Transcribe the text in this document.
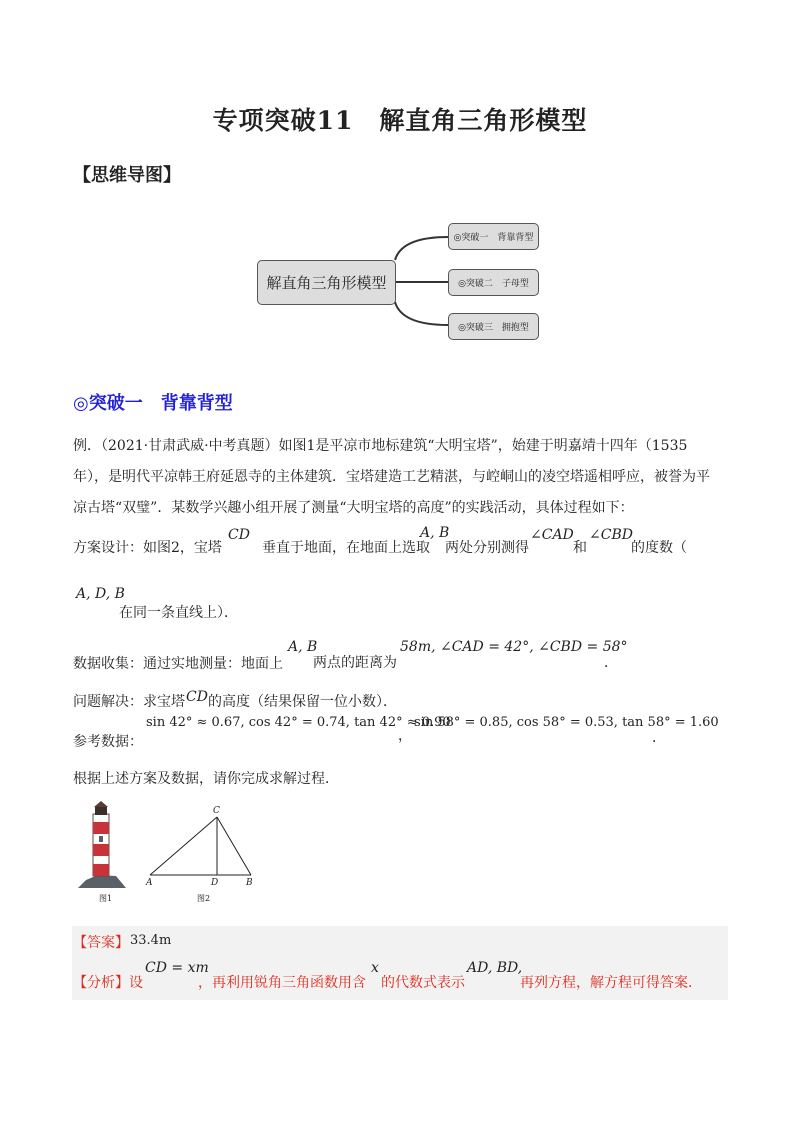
专项突破11　解直角三角形模型
【思维导图】
解直角三角形模型
◎突破一　背靠背型
◎突破二　子母型
◎突破三　拥抱型
◎突破一　背靠背型
例．（2021·甘肃武威·中考真题）如图1是平凉市地标建筑“大明宝塔”，始建于明嘉靖十四年（1535
年），是明代平凉韩王府延恩寺的主体建筑．宝塔建造工艺精湛，与崆峒山的凌空塔遥相呼应，被誉为平
凉古塔“双璧”．某数学兴趣小组开展了测量“大明宝塔的高度”的实践活动，具体过程如下：
方案设计：如图2，宝塔
CD
垂直于地面，在地面上选取
A, B
两处分别测得
∠CAD
和
∠CBD
的度数（
A, D, B
在同一条直线上）．
数据收集：通过实地测量：地面上
A, B
两点的距离为
58m, ∠CAD = 42°, ∠CBD = 58°
．
问题解决：求宝塔 CD 的高度（结果保留一位小数）．
sin 42° ≈ 0.67, cos 42° = 0.74, tan 42° ≈ 0.90
，
sin 58° = 0.85, cos 58° = 0.53, tan 58° = 1.60
．
参考数据：
根据上述方案及数据，请你完成求解过程．
图1
C
A	D	B
图2
【答案】 33.4m
【分析】 设
CD = xm
，再利用锐角三角函数用含
x
的代数式表示
AD, BD,
再列方程，解方程可得答案．
